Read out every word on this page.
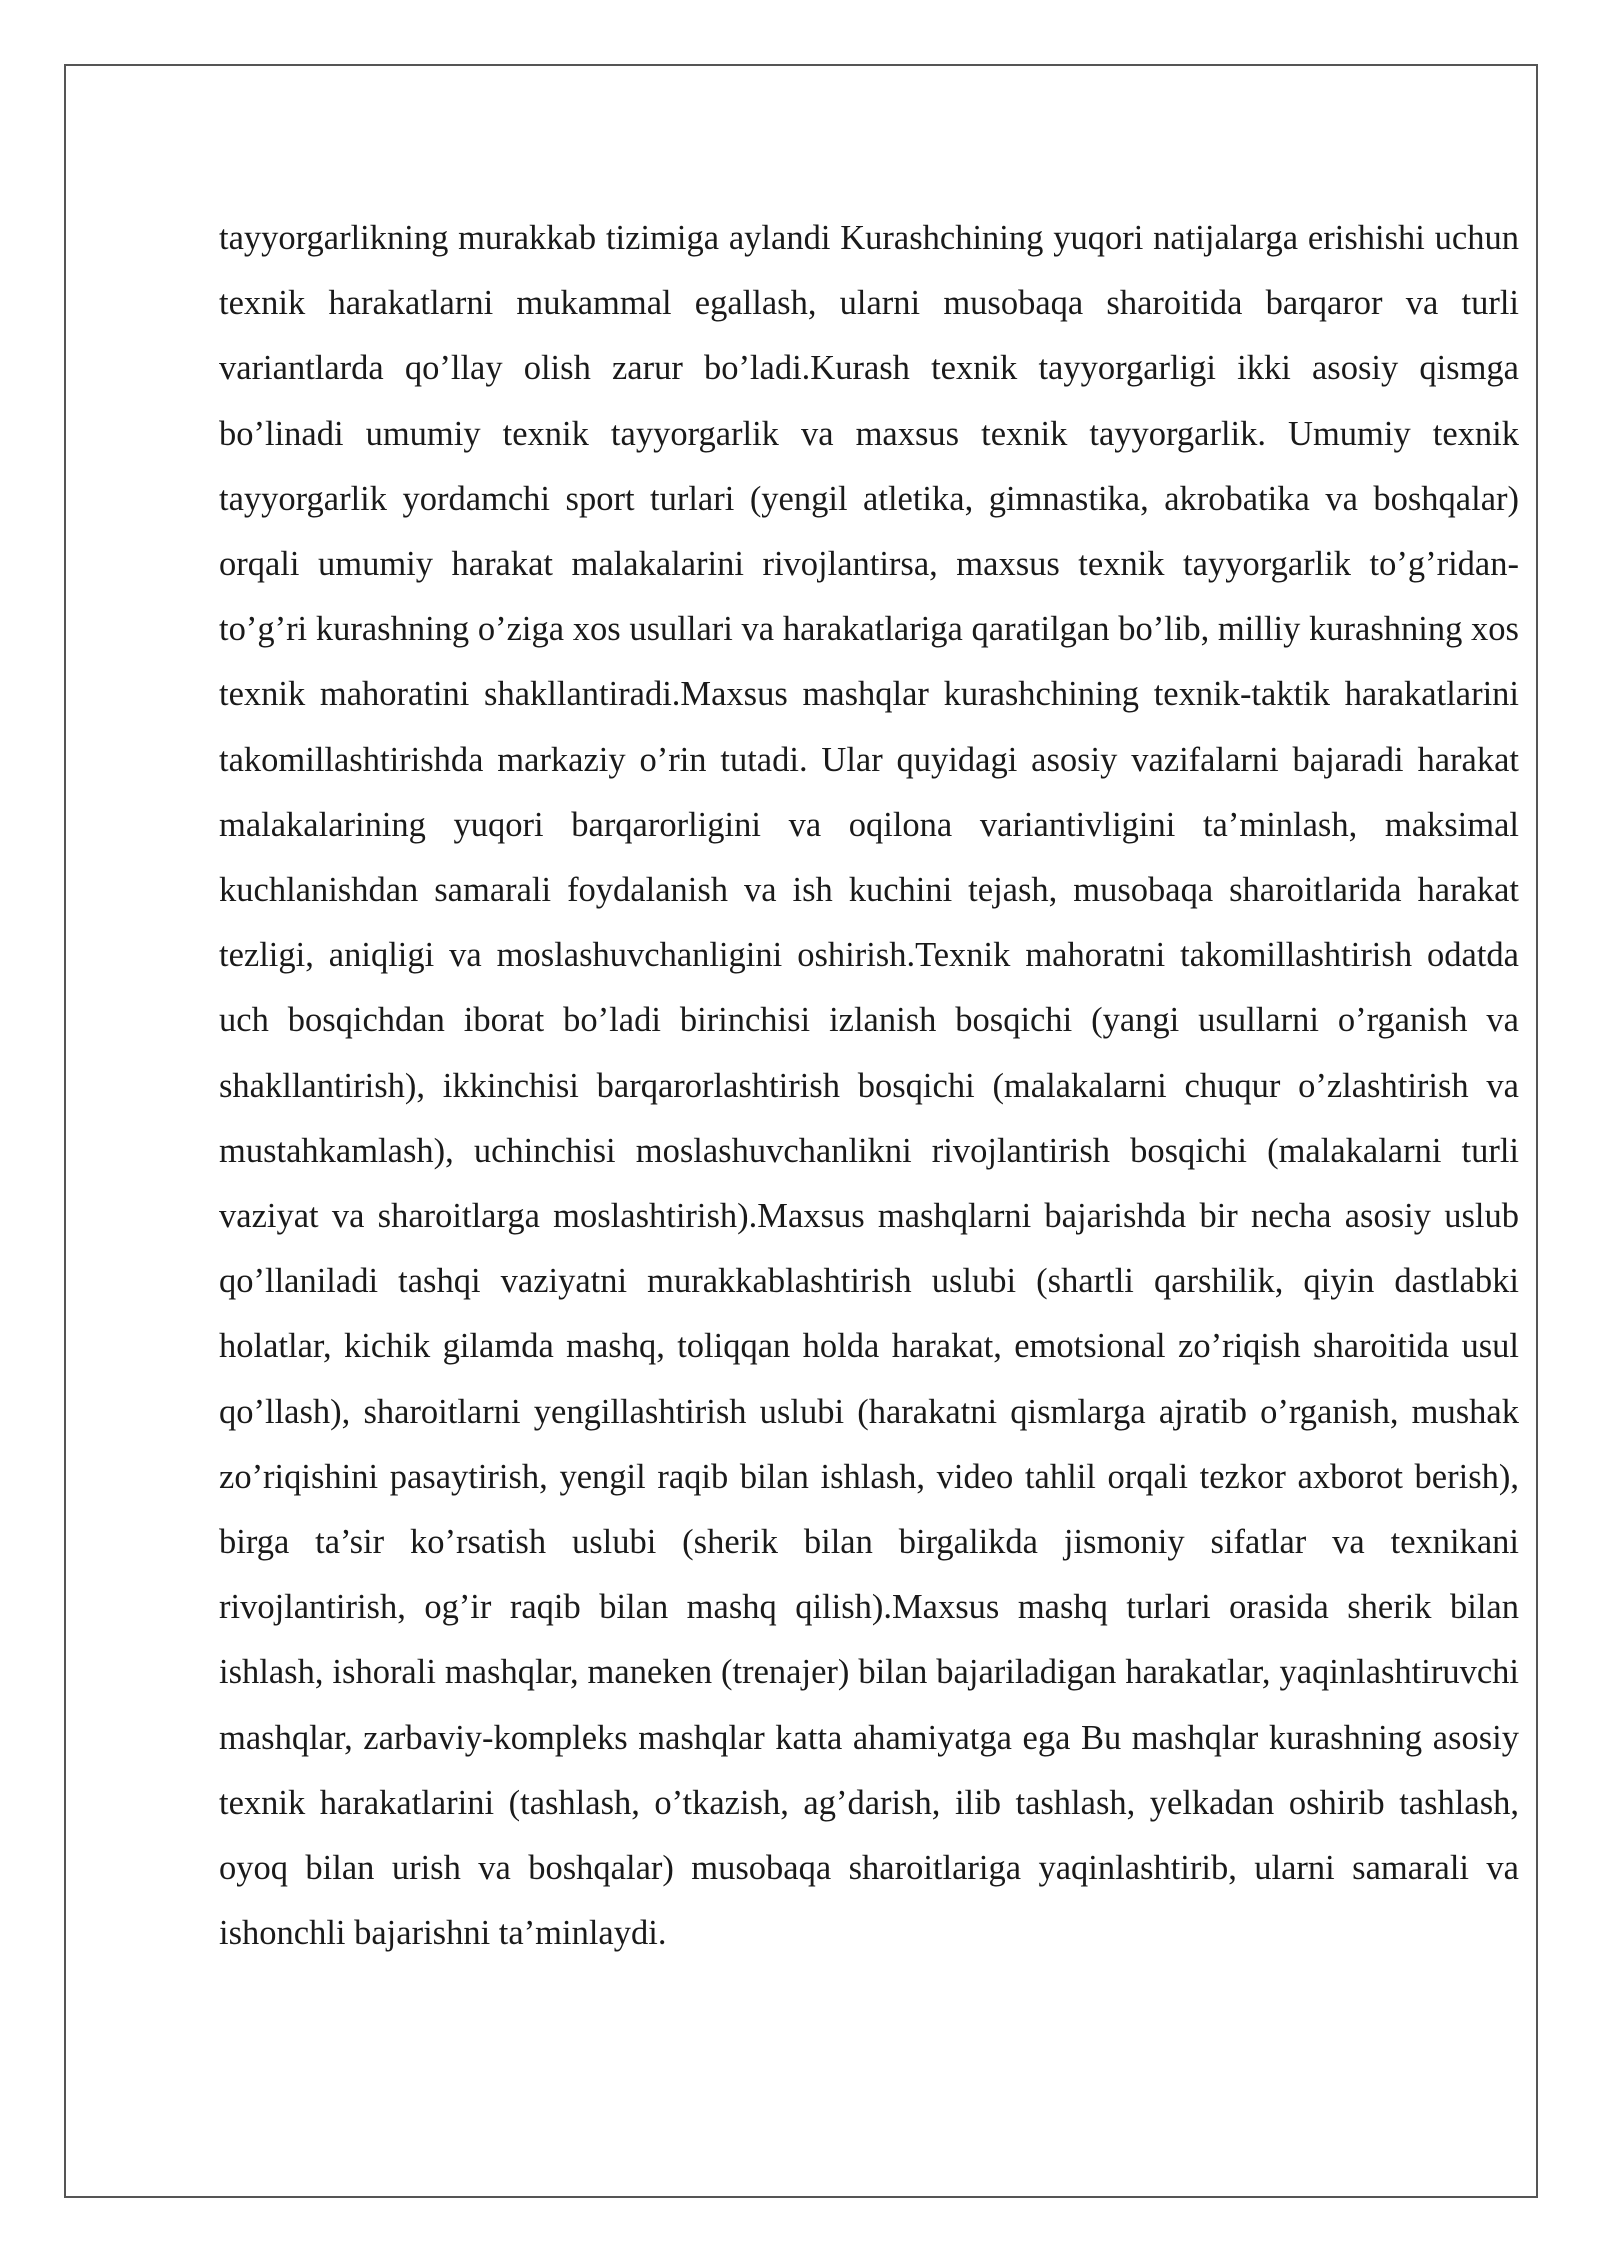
tayyorgarlikning murakkab tizimiga aylandi Kurashchining yuqori natijalarga erishishi uchun texnik harakatlarni mukammal egallash, ularni musobaqa sharoitida barqaror va turli variantlarda qo’llay olish zarur bo’ladi.Kurash texnik tayyorgarligi ikki asosiy qismga bo’linadi umumiy texnik tayyorgarlik va maxsus texnik tayyorgarlik. Umumiy texnik tayyorgarlik yordamchi sport turlari (yengil atletika, gimnastika, akrobatika va boshqalar) orqali umumiy harakat malakalarini rivojlantirsa, maxsus texnik tayyorgarlik to’g’ridan-to’g’ri kurashning o’ziga xos usullari va harakatlariga qaratilgan bo’lib, milliy kurashning xos texnik mahoratini shakllantiradi.Maxsus mashqlar kurashchining texnik-taktik harakatlarini takomillashtirishda markaziy o’rin tutadi. Ular quyidagi asosiy vazifalarni bajaradi harakat malakalarining yuqori barqarorligini va oqilona variantivligini ta’minlash, maksimal kuchlanishdan samarali foydalanish va ish kuchini tejash, musobaqa sharoitlarida harakat tezligi, aniqligi va moslashuvchanligini oshirish.Texnik mahoratni takomillashtirish odatda uch bosqichdan iborat bo’ladi birinchisi izlanish bosqichi (yangi usullarni o’rganish va shakllantirish), ikkinchisi barqarorlashtirish bosqichi (malakalarni chuqur o’zlashtirish va mustahkamlash), uchinchisi moslashuvchanlikni rivojlantirish bosqichi (malakalarni turli vaziyat va sharoitlarga moslashtirish).Maxsus mashqlarni bajarishda bir necha asosiy uslub qo’llaniladi tashqi vaziyatni murakkablashtirish uslubi (shartli qarshilik, qiyin dastlabki holatlar, kichik gilamda mashq, toliqqan holda harakat, emotsional zo’riqish sharoitida usul qo’llash), sharoitlarni yengillashtirish uslubi (harakatni qismlarga ajratib o’rganish, mushak zo’riqishini pasaytirish, yengil raqib bilan ishlash, video tahlil orqali tezkor axborot berish), birga ta’sir ko’rsatish uslubi (sherik bilan birgalikda jismoniy sifatlar va texnikani rivojlantirish, og’ir raqib bilan mashq qilish).Maxsus mashq turlari orasida sherik bilan ishlash, ishorali mashqlar, maneken (trenajer) bilan bajariladigan harakatlar, yaqinlashtiruvchi mashqlar, zarbaviy-kompleks mashqlar katta ahamiyatga ega Bu mashqlar kurashning asosiy texnik harakatlarini (tashlash, o’tkazish, ag’darish, ilib tashlash, yelkadan oshirib tashlash, oyoq bilan urish va boshqalar) musobaqa sharoitlariga yaqinlashtirib, ularni samarali va ishonchli bajarishni ta’minlaydi.
